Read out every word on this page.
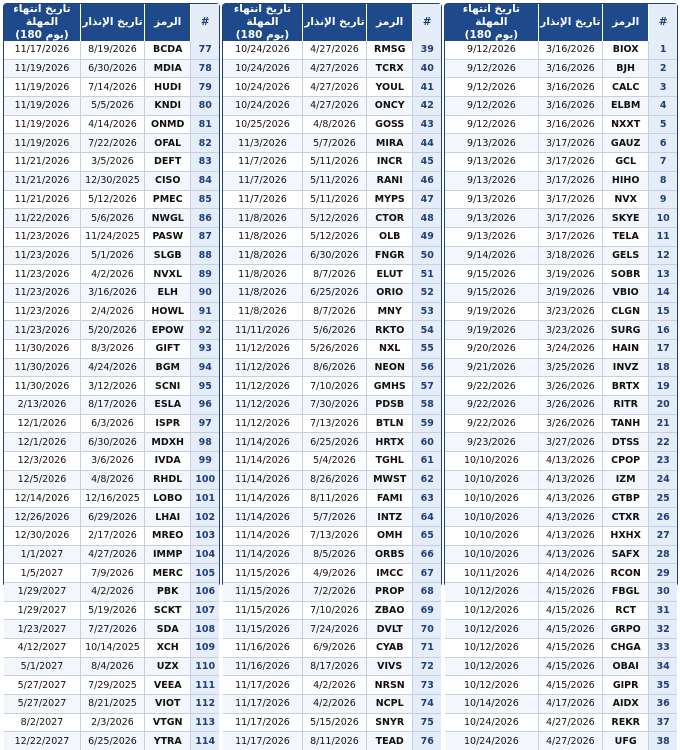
تاريخ انتهاء المهلة
(180 يوم)
تاريخ الإنذار	الرمز	#
9/12/2026	3/16/2026	BIOX	1
9/12/2026	3/16/2026	BJH	2
9/12/2026	3/16/2026	CALC	3
9/12/2026	3/16/2026	ELBM	4
9/12/2026	3/16/2026	NXXT	5
9/13/2026	3/17/2026	GAUZ	6
9/13/2026	3/17/2026	GCL	7
9/13/2026	3/17/2026	HIHO	8
9/13/2026	3/17/2026	NVX	9
9/13/2026	3/17/2026	SKYE	10
9/13/2026	3/17/2026	TELA	11
9/14/2026	3/18/2026	GELS	12
9/15/2026	3/19/2026	SOBR	13
9/15/2026	3/19/2026	VBIO	14
9/19/2026	3/23/2026	CLGN	15
9/19/2026	3/23/2026	SURG	16
9/20/2026	3/24/2026	HAIN	17
9/21/2026	3/25/2026	INVZ	18
9/22/2026	3/26/2026	BRTX	19
9/22/2026	3/26/2026	RITR	20
9/22/2026	3/26/2026	TANH	21
9/23/2026	3/27/2026	DTSS	22
10/10/2026	4/13/2026	CPOP	23
10/10/2026	4/13/2026	IZM	24
10/10/2026	4/13/2026	GTBP	25
10/10/2026	4/13/2026	CTXR	26
10/10/2026	4/13/2026	HXHX	27
10/10/2026	4/13/2026	SAFX	28
10/11/2026	4/14/2026	RCON	29
10/12/2026	4/15/2026	FBGL	30
10/12/2026	4/15/2026	RCT	31
10/12/2026	4/15/2026	GRPO	32
10/12/2026	4/15/2026	CHGA	33
10/12/2026	4/15/2026	OBAI	34
10/12/2026	4/15/2026	GIPR	35
10/14/2026	4/17/2026	AIDX	36
10/24/2026	4/27/2026	REKR	37
10/24/2026	4/27/2026	UFG	38
تاريخ انتهاء المهلة
(180 يوم)
تاريخ الإنذار	الرمز	#
10/24/2026	4/27/2026	RMSG	39
10/24/2026	4/27/2026	TCRX	40
10/24/2026	4/27/2026	YOUL	41
10/24/2026	4/27/2026	ONCY	42
10/25/2026	4/8/2026	GOSS	43
11/3/2026	5/7/2026	MIRA	44
11/7/2026	5/11/2026	INCR	45
11/7/2026	5/11/2026	RANI	46
11/7/2026	5/11/2026	MYPS	47
11/8/2026	5/12/2026	CTOR	48
11/8/2026	5/12/2026	OLB	49
11/8/2026	6/30/2026	FNGR	50
11/8/2026	8/7/2026	ELUT	51
11/8/2026	6/25/2026	ORIO	52
11/8/2026	8/7/2026	MNY	53
11/11/2026	5/6/2026	RKTO	54
11/12/2026	5/26/2026	NXL	55
11/12/2026	8/6/2026	NEON	56
11/12/2026	7/10/2026	GMHS	57
11/12/2026	7/30/2026	PDSB	58
11/12/2026	7/13/2026	BTLN	59
11/14/2026	6/25/2026	HRTX	60
11/14/2026	5/4/2026	TGHL	61
11/14/2026	8/26/2026	MWST	62
11/14/2026	8/11/2026	FAMI	63
11/14/2026	5/7/2026	INTZ	64
11/14/2026	7/13/2026	OMH	65
11/14/2026	8/5/2026	ORBS	66
11/15/2026	4/9/2026	IMCC	67
11/15/2026	7/2/2026	PROP	68
11/15/2026	7/10/2026	ZBAO	69
11/15/2026	7/24/2026	DVLT	70
11/16/2026	6/9/2026	CYAB	71
11/16/2026	8/17/2026	VIVS	72
11/17/2026	4/2/2026	NRSN	73
11/17/2026	4/2/2026	NCPL	74
11/17/2026	5/15/2026	SNYR	75
11/17/2026	8/11/2026	TEAD	76
تاريخ انتهاء المهلة
(180 يوم)
تاريخ الإنذار	الرمز	#
11/17/2026	8/19/2026	BCDA	77
11/19/2026	6/30/2026	MDIA	78
11/19/2026	7/14/2026	HUDI	79
11/19/2026	5/5/2026	KNDI	80
11/19/2026	4/14/2026	ONMD	81
11/19/2026	7/22/2026	OFAL	82
11/21/2026	3/5/2026	DEFT	83
11/21/2026	12/30/2025	CISO	84
11/21/2026	5/12/2026	PMEC	85
11/22/2026	5/6/2026	NWGL	86
11/23/2026	11/24/2025	PASW	87
11/23/2026	5/1/2026	SLGB	88
11/23/2026	4/2/2026	NVXL	89
11/23/2026	3/16/2026	ELH	90
11/23/2026	2/4/2026	HOWL	91
11/23/2026	5/20/2026	EPOW	92
11/30/2026	8/3/2026	GIFT	93
11/30/2026	4/24/2026	BGM	94
11/30/2026	3/12/2026	SCNI	95
2/13/2026	8/17/2026	ESLA	96
12/1/2026	6/3/2026	ISPR	97
12/1/2026	6/30/2026	MDXH	98
12/3/2026	3/6/2026	IVDA	99
12/5/2026	4/8/2026	RHDL	100
12/14/2026	12/16/2025	LOBO	101
12/26/2026	6/29/2026	LHAI	102
12/30/2026	2/17/2026	MREO	103
1/1/2027	4/27/2026	IMMP	104
1/5/2027	7/9/2026	MERC	105
1/29/2027	4/2/2026	PBK	106
1/29/2027	5/19/2026	SCKT	107
1/23/2027	7/27/2026	SDA	108
4/12/2027	10/14/2025	XCH	109
5/1/2027	8/4/2026	UZX	110
5/27/2027	7/29/2025	VEEA	111
5/27/2027	8/21/2025	VIOT	112
8/2/2027	2/3/2026	VTGN	113
12/22/2027	6/25/2026	YTRA	114
